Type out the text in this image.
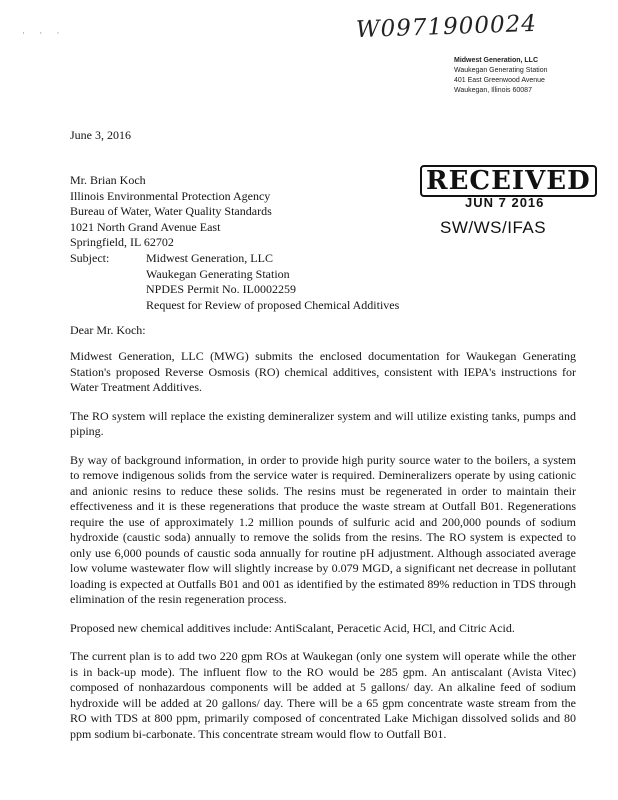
W0971900024
· · ·
Midwest Generation, LLC
Waukegan Generating Station
401 East Greenwood Avenue
Waukegan, Illinois 60087
June 3, 2016
Mr. Brian Koch
Illinois Environmental Protection Agency
Bureau of Water, Water Quality Standards
1021 North Grand Avenue East
Springfield, IL 62702
RECEIVED
JUN 7 2016
SW/WS/IFAS
Subject:	Midwest Generation, LLC
Waukegan Generating Station
NPDES Permit No. IL0002259
Request for Review of proposed Chemical Additives
Dear Mr. Koch:

Midwest Generation, LLC (MWG) submits the enclosed documentation for Waukegan Generating Station's proposed Reverse Osmosis (RO) chemical additives, consistent with IEPA's instructions for Water Treatment Additives.

The RO system will replace the existing demineralizer system and will utilize existing tanks, pumps and piping.

By way of background information, in order to provide high purity source water to the boilers, a system to remove indigenous solids from the service water is required. Demineralizers operate by using cationic and anionic resins to reduce these solids. The resins must be regenerated in order to maintain their effectiveness and it is these regenerations that produce the waste stream at Outfall B01. Regenerations require the use of approximately 1.2 million pounds of sulfuric acid and 200,000 pounds of sodium hydroxide (caustic soda) annually to remove the solids from the resins. The RO system is expected to only use 6,000 pounds of caustic soda annually for routine pH adjustment. Although associated average low volume wastewater flow will slightly increase by 0.079 MGD, a significant net decrease in pollutant loading is expected at Outfalls B01 and 001 as identified by the estimated 89% reduction in TDS through elimination of the resin regeneration process.

Proposed new chemical additives include: AntiScalant, Peracetic Acid, HCl, and Citric Acid.

The current plan is to add two 220 gpm ROs at Waukegan (only one system will operate while the other is in back-up mode). The influent flow to the RO would be 285 gpm. An antiscalant (Avista Vitec) composed of nonhazardous components will be added at 5 gallons/ day. An alkaline feed of sodium hydroxide will be added at 20 gallons/ day. There will be a 65 gpm concentrate waste stream from the RO with TDS at 800 ppm, primarily composed of concentrated Lake Michigan dissolved solids and 80 ppm sodium bi-carbonate. This concentrate stream would flow to Outfall B01.
